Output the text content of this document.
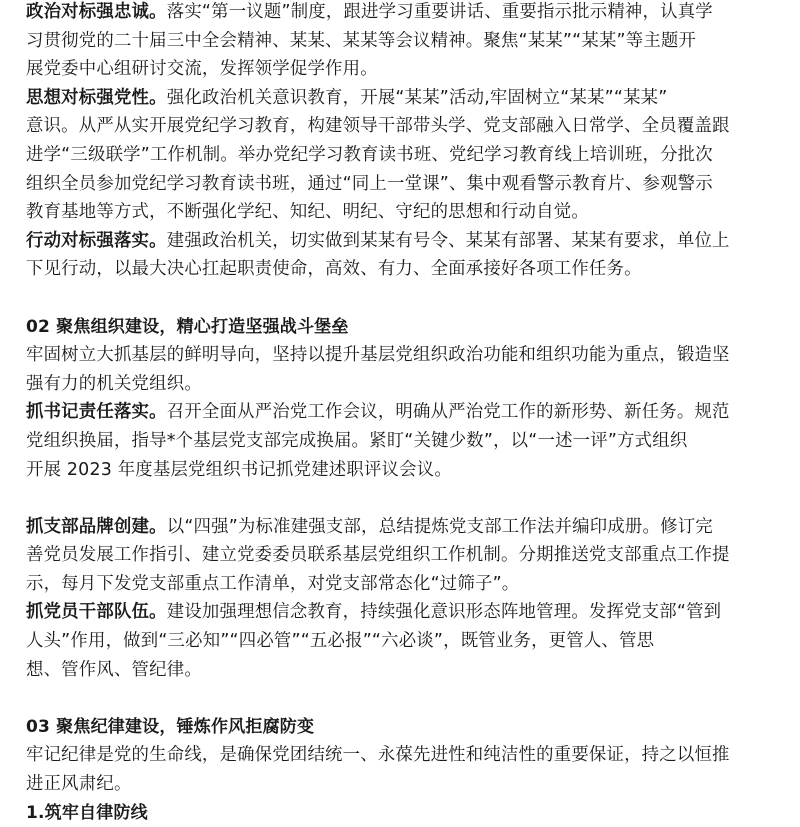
政治对标强忠诚。落实“第一议题”制度，跟进学习重要讲话、重要指示批示精神，认真学
习贯彻党的二十届三中全会精神、某某、某某等会议精神。聚焦“某某”“某某”等主题开
展党委中心组研讨交流，发挥领学促学作用。
思想对标强党性。强化政治机关意识教育，开展“某某”活动,牢固树立“某某”“某某”
意识。从严从实开展党纪学习教育，构建领导干部带头学、党支部融入日常学、全员覆盖跟
进学“三级联学”工作机制。举办党纪学习教育读书班、党纪学习教育线上培训班，分批次
组织全员参加党纪学习教育读书班，通过“同上一堂课”、集中观看警示教育片、参观警示
教育基地等方式，不断强化学纪、知纪、明纪、守纪的思想和行动自觉。
行动对标强落实。建强政治机关，切实做到某某有号令、某某有部署、某某有要求，单位上
下见行动，以最大决心扛起职责使命，高效、有力、全面承接好各项工作任务。
02 聚焦组织建设，精心打造坚强战斗堡垒
牢固树立大抓基层的鲜明导向，坚持以提升基层党组织政治功能和组织功能为重点，锻造坚
强有力的机关党组织。
抓书记责任落实。召开全面从严治党工作会议，明确从严治党工作的新形势、新任务。规范
党组织换届，指导*个基层党支部完成换届。紧盯“关键少数”，以“一述一评”方式组织
开展 2023 年度基层党组织书记抓党建述职评议会议。
抓支部品牌创建。以“四强”为标准建强支部，总结提炼党支部工作法并编印成册。修订完
善党员发展工作指引、建立党委委员联系基层党组织工作机制。分期推送党支部重点工作提
示，每月下发党支部重点工作清单，对党支部常态化“过筛子”。
抓党员干部队伍。建设加强理想信念教育，持续强化意识形态阵地管理。发挥党支部“管到
人头”作用，做到“三必知”“四必管”“五必报”“六必谈”，既管业务，更管人、管思
想、管作风、管纪律。
03 聚焦纪律建设，锤炼作风拒腐防变
牢记纪律是党的生命线，是确保党团结统一、永葆先进性和纯洁性的重要保证，持之以恒推
进正风肃纪。
1.筑牢自律防线
